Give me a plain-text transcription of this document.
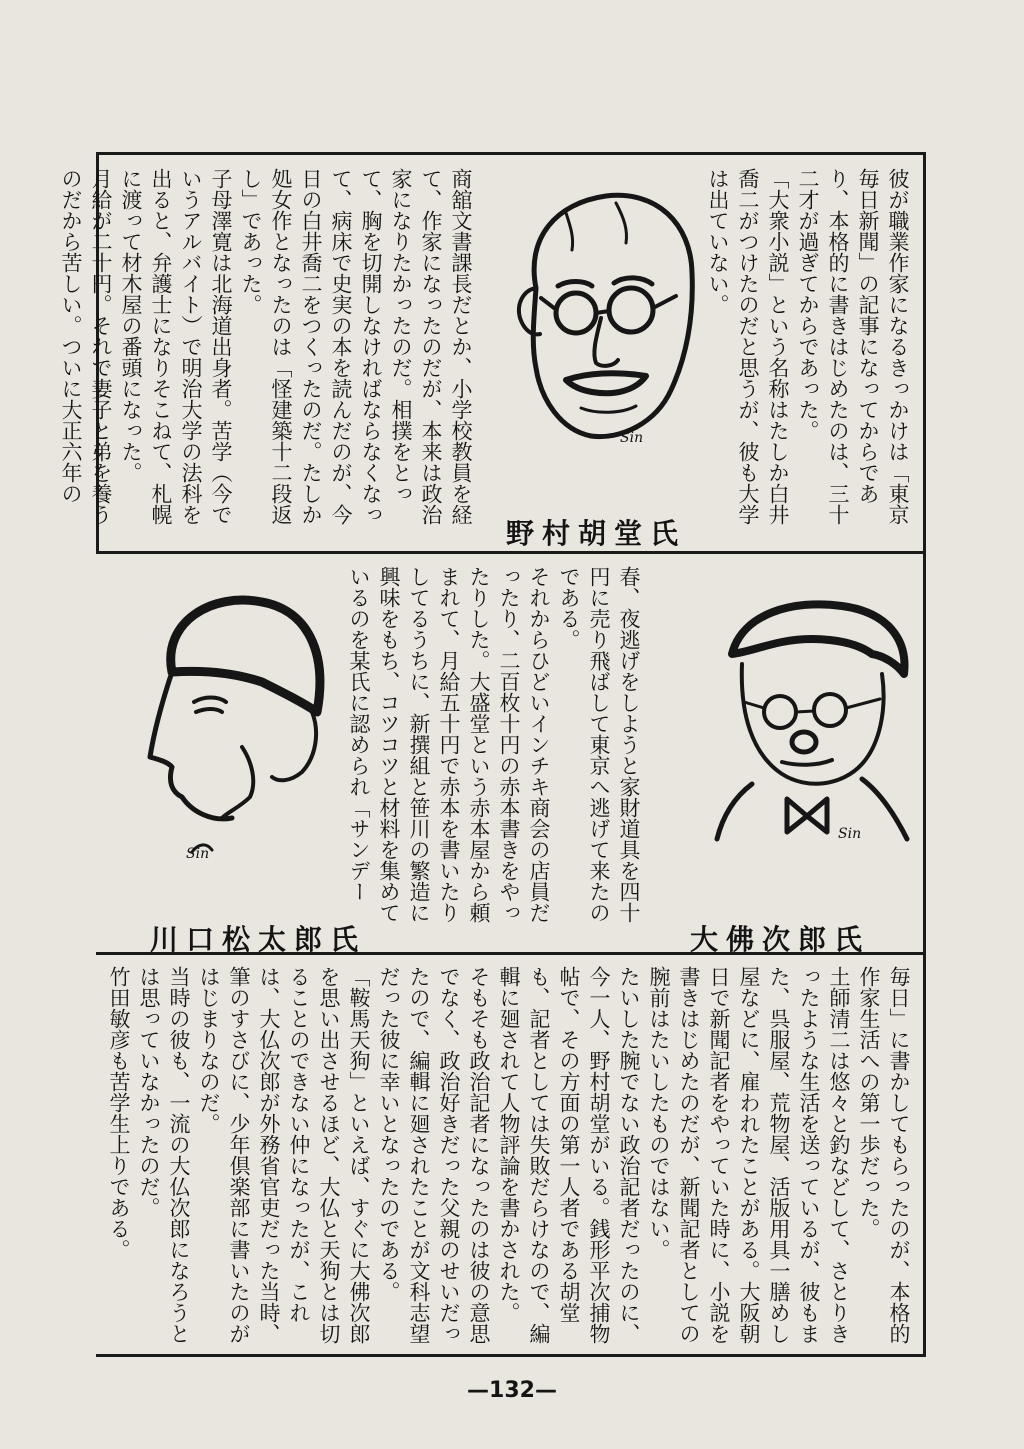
彼が職業作家になるきっかけは「東京毎日新聞」の記事になってからであり、本格的に書きはじめたのは、三十二才が過ぎてからであった。
「大衆小説」という名称はたしか白井喬二がつけたのだと思うが、彼も大学は出ていない。
Sin
野村胡堂氏
商舘文書課長だとか、小学校教員を経て、作家になったのだが、本来は政治家になりたかったのだ。相撲をとって、胸を切開しなければならなくなって、病床で史実の本を読んだのが、今日の白井喬二をつくったのだ。たしか処女作となったのは「怪建築十二段返し」であった。
子母澤寛は北海道出身者。苦学（今でいうアルバイト）で明治大学の法科を出ると、弁護士になりそこねて、札幌に渡って材木屋の番頭になった。
月給が二十円。それで妻子と弟を養うのだから苦しい。ついに大正六年の
Sin
大佛次郎氏
春、夜逃げをしようと家財道具を四十円に売り飛ばして東京へ逃げて来たのである。
それからひどいインチキ商会の店員だったり、二百枚十円の赤本書きをやったりした。大盛堂という赤本屋から頼まれて、月給五十円で赤本を書いたりしてるうちに、新撰組と笹川の繁造に興味をもち、コツコツと材料を集めているのを某氏に認められ「サンデー
Sin
川口松太郎氏
毎日」に書かしてもらったのが、本格的作家生活への第一歩だった。
土師清二は悠々と釣などして、さとりきったような生活を送っているが、彼もまた、呉服屋、荒物屋、活版用具一膳めし屋などに、雇われたことがある。大阪朝日で新聞記者をやっていた時に、小説を書きはじめたのだが、新聞記者としての腕前はたいしたものではない。
たいした腕でない政治記者だったのに、今一人、野村胡堂がいる。銭形平次捕物帖で、その方面の第一人者である胡堂も、記者としては失敗だらけなので、編輯に廻されて人物評論を書かされた。
そもそも政治記者になったのは彼の意思でなく、政治好きだった父親のせいだったので、編輯に廻されたことが文科志望だった彼に幸いとなったのである。
「鞍馬天狗」といえば、すぐに大佛次郎を思い出させるほど、大仏と天狗とは切ることのできない仲になったが、これは、大仏次郎が外務省官吏だった当時、筆のすさびに、少年倶楽部に書いたのがはじまりなのだ。
当時の彼も、一流の大仏次郎になろうとは思っていなかったのだ。
竹田敏彦も苦学生上りである。
—132—
